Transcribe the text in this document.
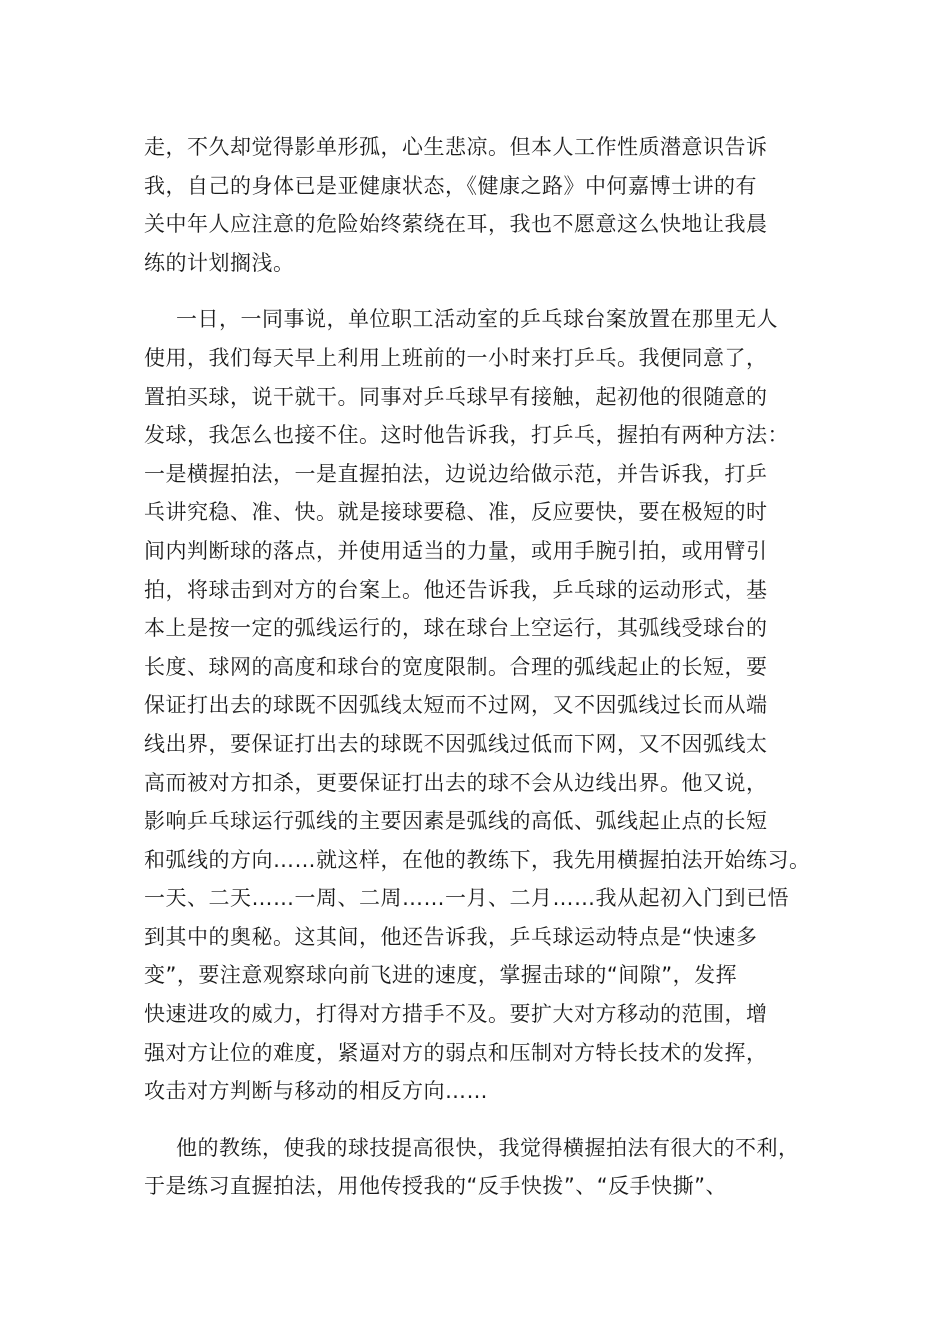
走，不久却觉得影单形孤，心生悲凉。但本人工作性质潜意识告诉
我，自己的身体已是亚健康状态，《健康之路》中何嘉博士讲的有
关中年人应注意的危险始终萦绕在耳，我也不愿意这么快地让我晨
练的计划搁浅。
一日，一同事说，单位职工活动室的乒乓球台案放置在那里无人
使用，我们每天早上利用上班前的一小时来打乒乓。我便同意了，
置拍买球，说干就干。同事对乒乓球早有接触，起初他的很随意的
发球，我怎么也接不住。这时他告诉我，打乒乓，握拍有两种方法：
一是横握拍法，一是直握拍法，边说边给做示范，并告诉我，打乒
乓讲究稳、准、快。就是接球要稳、准，反应要快，要在极短的时
间内判断球的落点，并使用适当的力量，或用手腕引拍，或用臂引
拍，将球击到对方的台案上。他还告诉我，乒乓球的运动形式，基
本上是按一定的弧线运行的，球在球台上空运行，其弧线受球台的
长度、球网的高度和球台的宽度限制。合理的弧线起止的长短，要
保证打出去的球既不因弧线太短而不过网，又不因弧线过长而从端
线出界，要保证打出去的球既不因弧线过低而下网，又不因弧线太
高而被对方扣杀，更要保证打出去的球不会从边线出界。他又说，
影响乒乓球运行弧线的主要因素是弧线的高低、弧线起止点的长短
和弧线的方向……就这样，在他的教练下，我先用横握拍法开始练习。
一天、二天……一周、二周……一月、二月……我从起初入门到已悟
到其中的奥秘。这其间，他还告诉我，乒乓球运动特点是“快速多
变”，要注意观察球向前飞进的速度，掌握击球的“间隙”，发挥
快速进攻的威力，打得对方措手不及。要扩大对方移动的范围，增
强对方让位的难度，紧逼对方的弱点和压制对方特长技术的发挥，
攻击对方判断与移动的相反方向……
他的教练，使我的球技提高很快，我觉得横握拍法有很大的不利，
于是练习直握拍法，用他传授我的“反手快拨”、“反手快撕”、
